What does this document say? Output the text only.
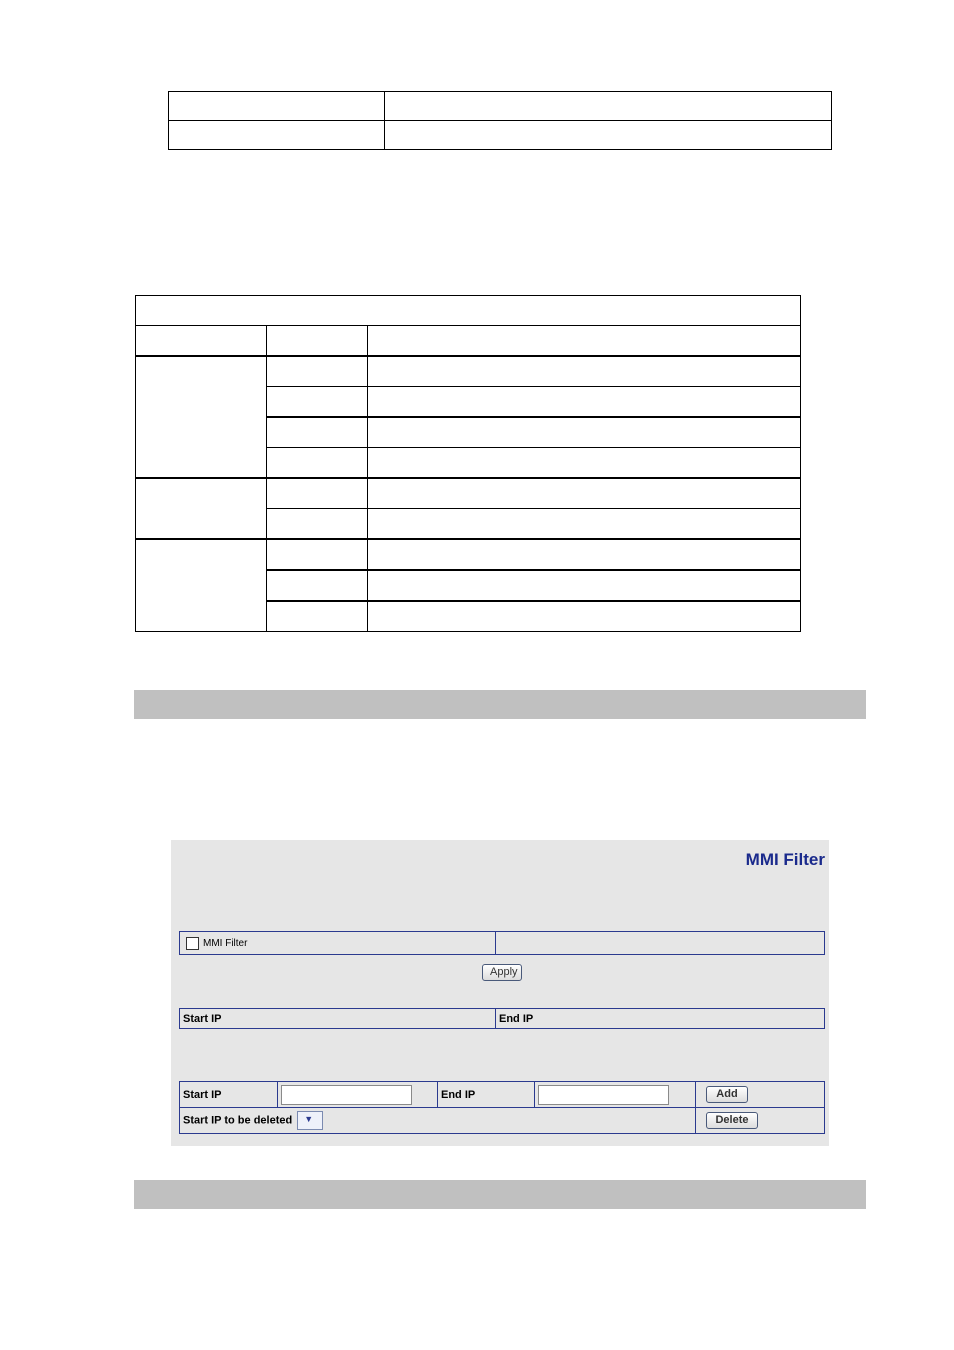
MMI Filter
MMI Filter	
Apply
Start IP	End IP
Start IP		End IP		Add
Start IP to be deleted ▼				Delete
